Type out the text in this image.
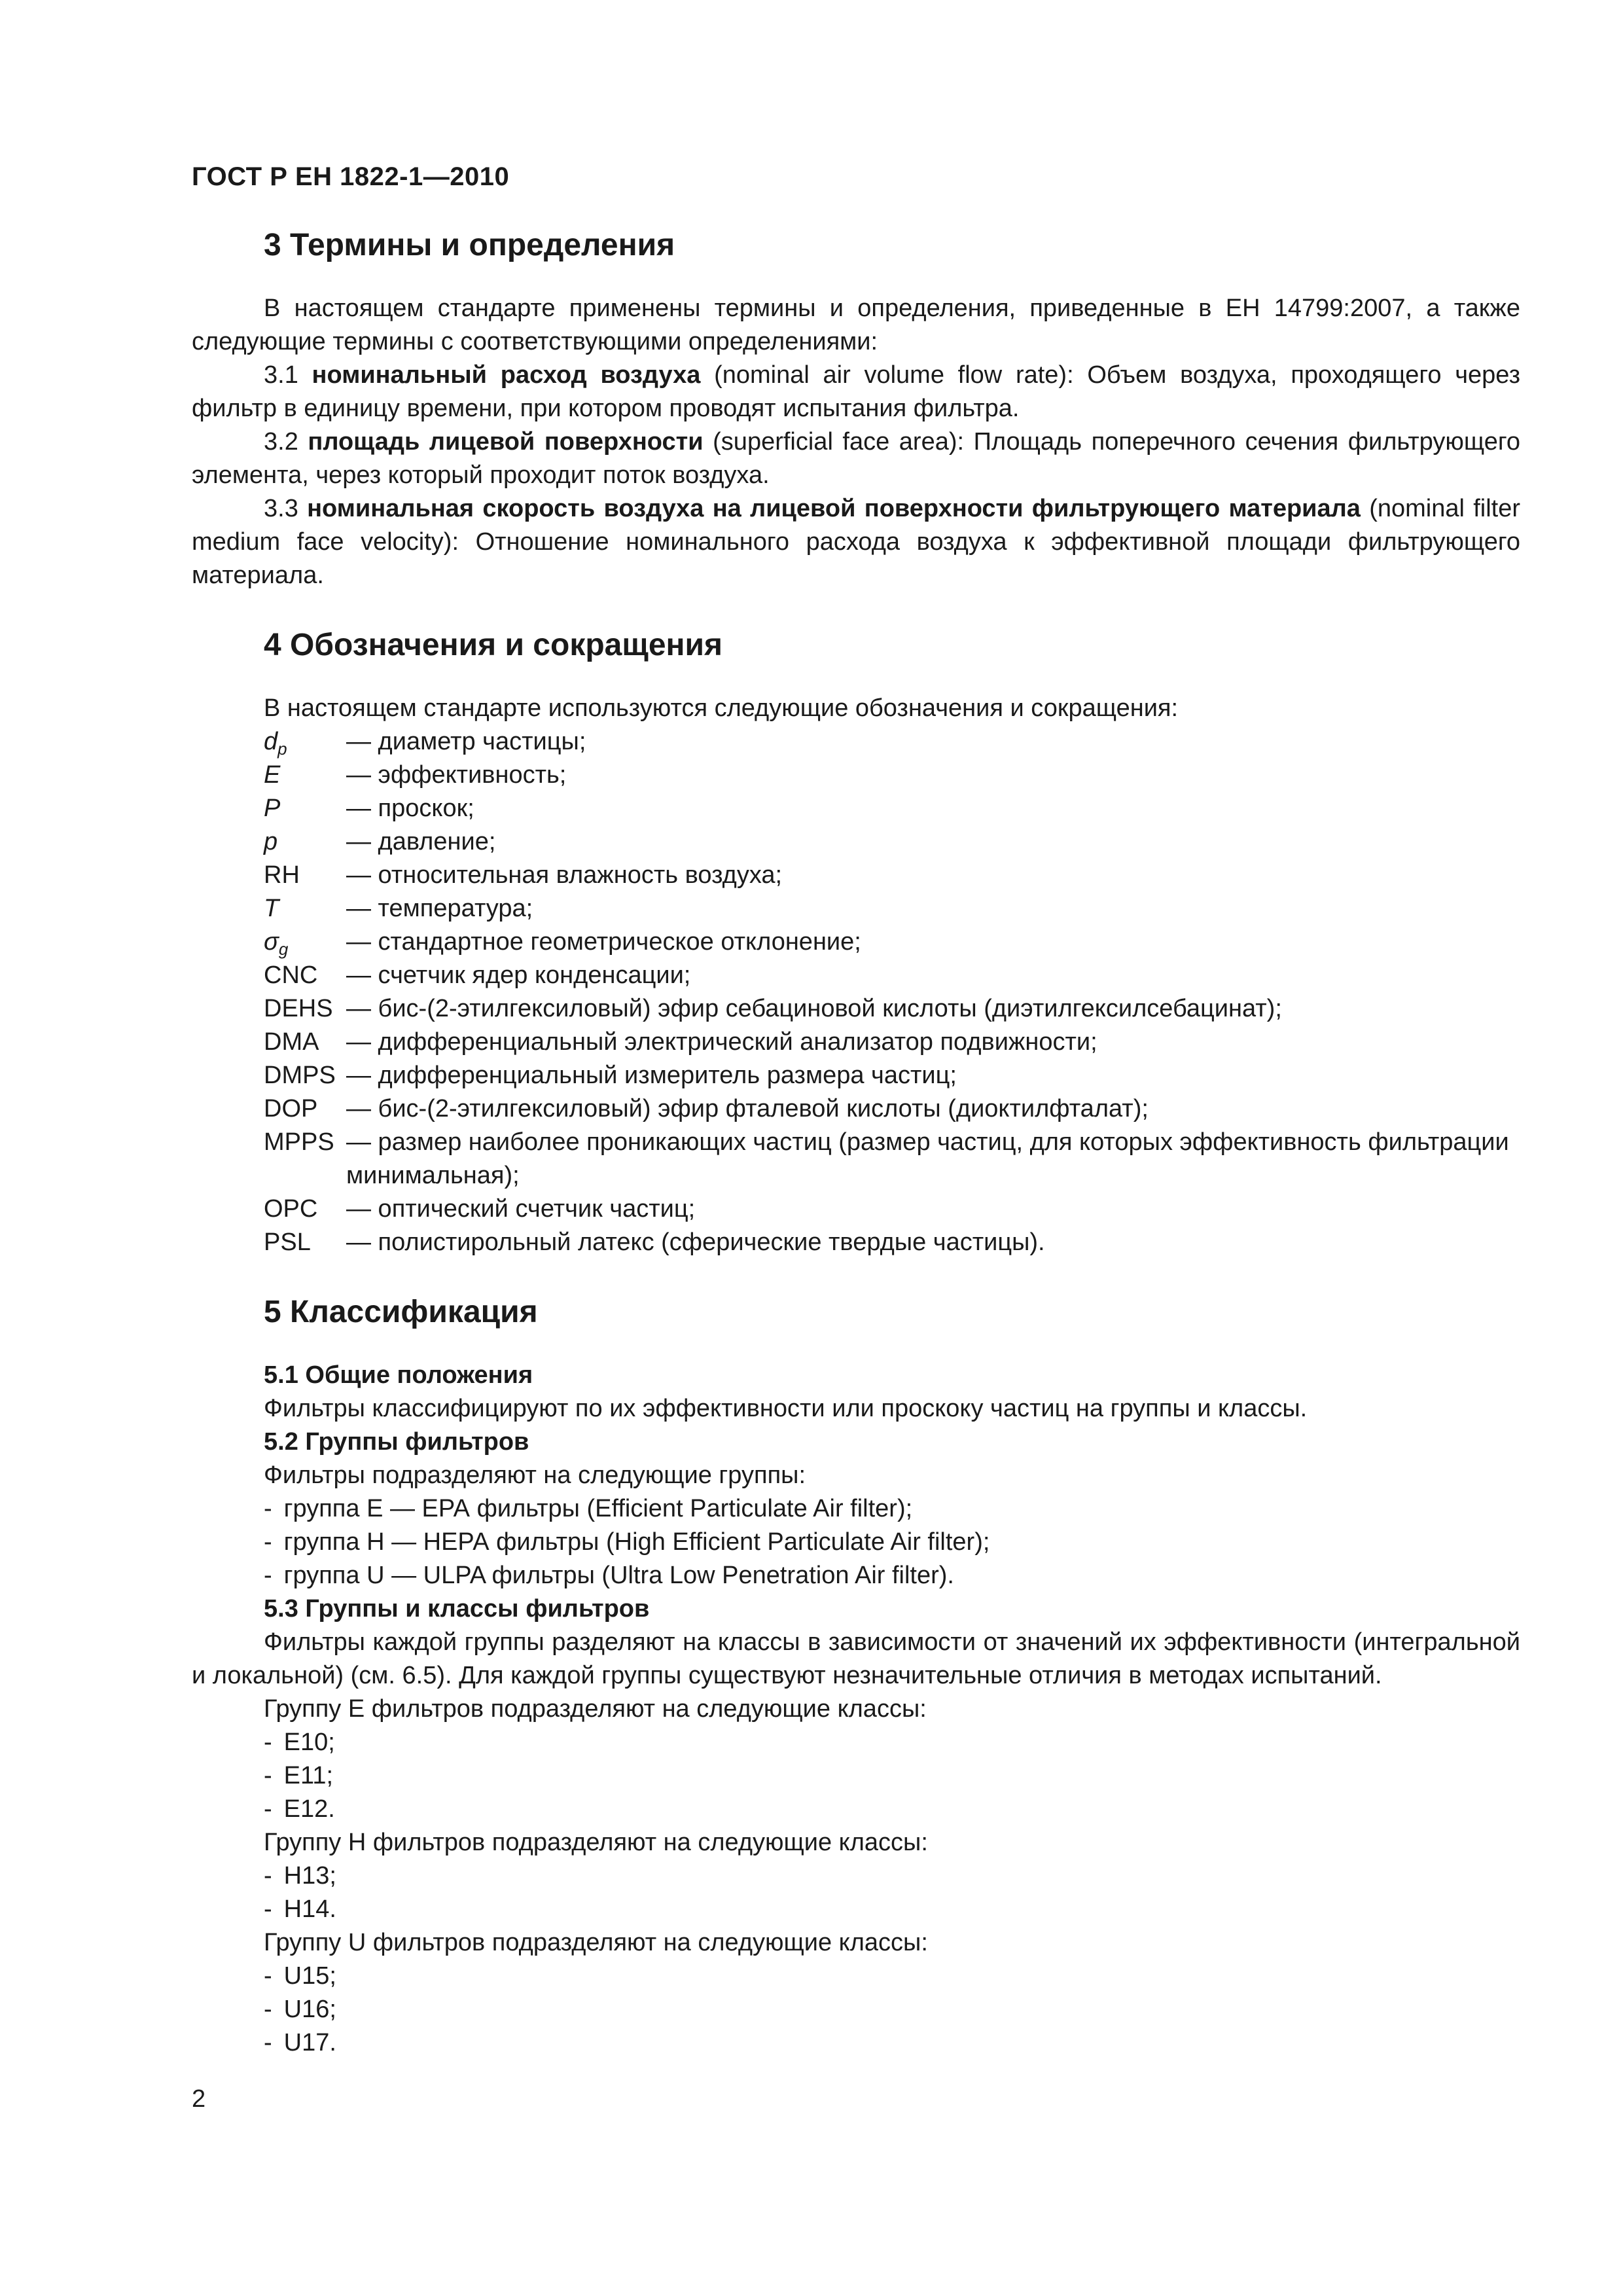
ГОСТ Р ЕН 1822-1—2010
3 Термины и определения

В настоящем стандарте применены термины и определения, приведенные в ЕН 14799:2007, а также следующие термины с соответствующими определениями:

3.1 номинальный расход воздуха (nominal air volume flow rate): Объем воздуха, проходящего через фильтр в единицу времени, при котором проводят испытания фильтра.

3.2 площадь лицевой поверхности (superficial face area): Площадь поперечного сечения фильтрующего элемента, через который проходит поток воздуха.

3.3 номинальная скорость воздуха на лицевой поверхности фильтрующего материала (nominal filter medium face velocity): Отношение номинального расхода воздуха к эффективной площади фильтрующего материала.

4 Обозначения и сокращения

В настоящем стандарте используются следующие обозначения и сокращения:

$d_p$	— диаметр частицы;
E	— эффективность;
P	— проскок;
p	— давление;
RH	— относительная влажность воздуха;
T	— температура;
$\sigma_g$	— стандартное геометрическое отклонение;
CNC	— счетчик ядер конденсации;
DEHS — бис-(2-этилгексиловый) эфир себациновой кислоты (диэтилгексилсебацинат);
DMA	— дифференциальный электрический анализатор подвижности;
DMPS — дифференциальный измеритель размера частиц;
DOP	— бис-(2-этилгексиловый) эфир фталевой кислоты (диоктилфталат);
MPPS — размер наиболее проникающих частиц (размер частиц, для которых эффективность фильтрации минимальная);
OPC	— оптический счетчик частиц;
PSL	— полистирольный латекс (сферические твердые частицы).
5 Классификация
5.1 Общие положения
Фильтры классифицируют по их эффективности или проскоку частиц на группы и классы.
5.2 Группы фильтров
Фильтры подразделяют на следующие группы:
- группа Е — ЕРА фильтры (Efficient Particulate Air filter);
- группа Н — НЕРА фильтры (High Efficient Particulate Air filter);
- группа U — ULPA фильтры (Ultra Low Penetration Air filter).
5.3 Группы и классы фильтров

Фильтры каждой группы разделяют на классы в зависимости от значений их эффективности (интегральной и локальной) (см. 6.5). Для каждой группы существуют незначительные отличия в методах испытаний.

Группу Е фильтров подразделяют на следующие классы:
- Е10;
- Е11;
- Е12.
Группу Н фильтров подразделяют на следующие классы:
- Н13;
- Н14.
Группу U фильтров подразделяют на следующие классы:
- U15;
- U16;
- U17.
2
